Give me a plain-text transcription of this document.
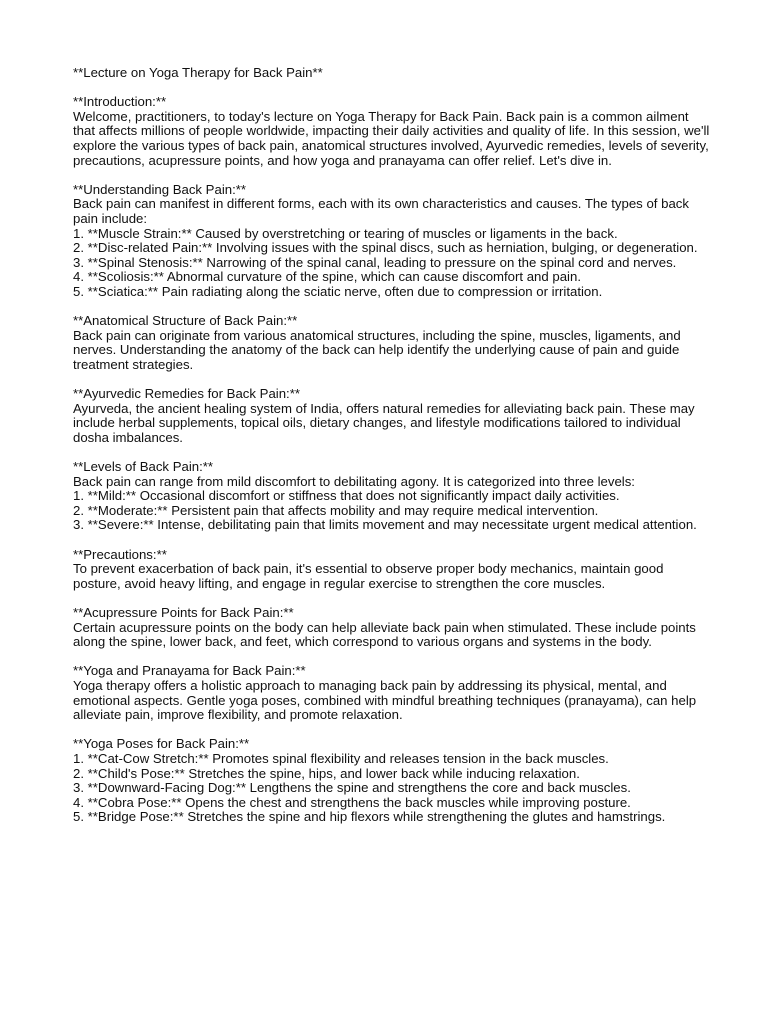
**Lecture on Yoga Therapy for Back Pain**

**Introduction:**

Welcome, practitioners, to today's lecture on Yoga Therapy for Back Pain. Back pain is a common ailment that affects millions of people worldwide, impacting their daily activities and quality of life. In this session, we'll explore the various types of back pain, anatomical structures involved, Ayurvedic remedies, levels of severity, precautions, acupressure points, and how yoga and pranayama can offer relief. Let's dive in.

**Understanding Back Pain:**

Back pain can manifest in different forms, each with its own characteristics and causes. The types of back pain include:

1. **Muscle Strain:** Caused by overstretching or tearing of muscles or ligaments in the back.
2. **Disc-related Pain:** Involving issues with the spinal discs, such as herniation, bulging, or degeneration.
3. **Spinal Stenosis:** Narrowing of the spinal canal, leading to pressure on the spinal cord and nerves.
4. **Scoliosis:** Abnormal curvature of the spine, which can cause discomfort and pain.
5. **Sciatica:** Pain radiating along the sciatic nerve, often due to compression or irritation.

**Anatomical Structure of Back Pain:**

Back pain can originate from various anatomical structures, including the spine, muscles, ligaments, and nerves. Understanding the anatomy of the back can help identify the underlying cause of pain and guide treatment strategies.

**Ayurvedic Remedies for Back Pain:**

Ayurveda, the ancient healing system of India, offers natural remedies for alleviating back pain. These may include herbal supplements, topical oils, dietary changes, and lifestyle modifications tailored to individual dosha imbalances.

**Levels of Back Pain:**

Back pain can range from mild discomfort to debilitating agony. It is categorized into three levels:

1. **Mild:** Occasional discomfort or stiffness that does not significantly impact daily activities.
2. **Moderate:** Persistent pain that affects mobility and may require medical intervention.
3. **Severe:** Intense, debilitating pain that limits movement and may necessitate urgent medical attention.

**Precautions:**

To prevent exacerbation of back pain, it's essential to observe proper body mechanics, maintain good posture, avoid heavy lifting, and engage in regular exercise to strengthen the core muscles.

**Acupressure Points for Back Pain:**

Certain acupressure points on the body can help alleviate back pain when stimulated. These include points along the spine, lower back, and feet, which correspond to various organs and systems in the body.

**Yoga and Pranayama for Back Pain:**

Yoga therapy offers a holistic approach to managing back pain by addressing its physical, mental, and emotional aspects. Gentle yoga poses, combined with mindful breathing techniques (pranayama), can help alleviate pain, improve flexibility, and promote relaxation.

**Yoga Poses for Back Pain:**

1. **Cat-Cow Stretch:** Promotes spinal flexibility and releases tension in the back muscles.
2. **Child's Pose:** Stretches the spine, hips, and lower back while inducing relaxation.
3. **Downward-Facing Dog:** Lengthens the spine and strengthens the core and back muscles.
4. **Cobra Pose:** Opens the chest and strengthens the back muscles while improving posture.
5. **Bridge Pose:** Stretches the spine and hip flexors while strengthening the glutes and hamstrings.
